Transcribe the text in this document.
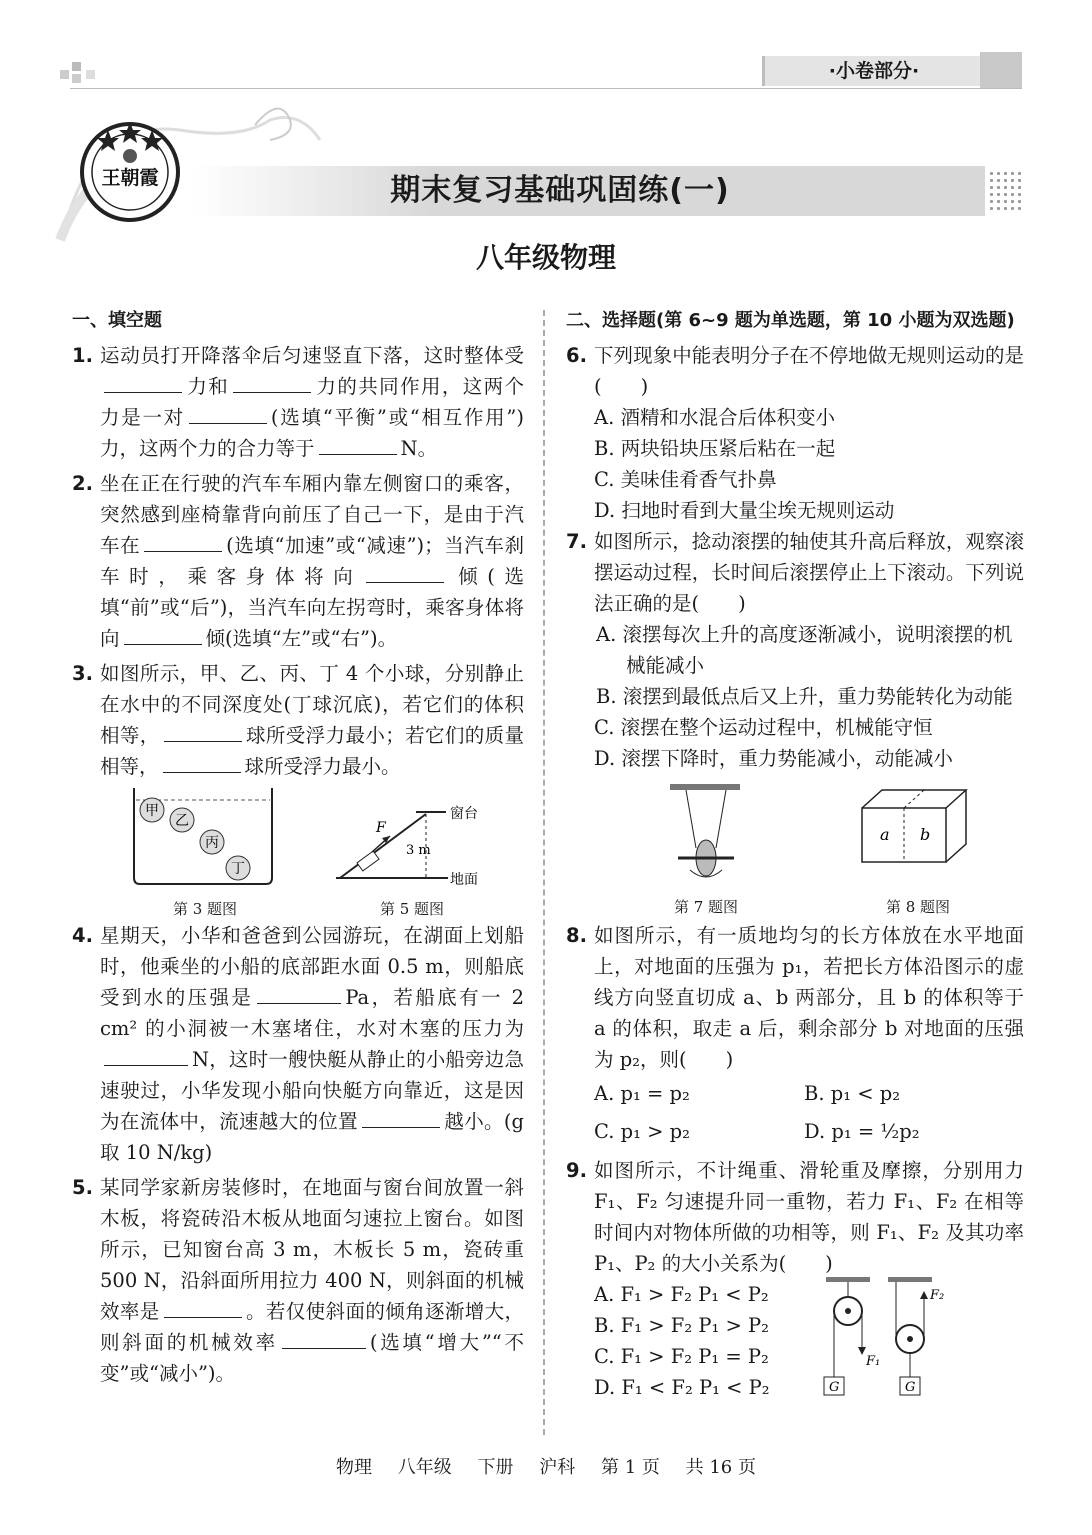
·小卷部分·
期末复习基础巩固练(一)
王朝霞
八年级物理
一、填空题
1. 运动员打开降落伞后匀速竖直下落，这时整体受力和	力的共同作用，这两个力是一对	(选填“平衡”或“相互作用”)力，这两个力的合力等于	N。
2. 坐在正在行驶的汽车车厢内靠左侧窗口的乘客，突然感到座椅靠背向前压了自己一下，是由于汽车在	(选填“加速”或“减速”)；当汽车刹车时，乘客身体将向	倾(选填“前”或“后”)，当汽车向左拐弯时，乘客身体将向	倾(选填“左”或“右”)。
3. 如图所示，甲、乙、丙、丁 4 个小球，分别静止在水中的不同深度处(丁球沉底)，若它们的体积相等，	球所受浮力最小；若它们的质量相等，	球所受浮力最小。
甲
乙
丙
丁
第 3 题图
F
3 m
窗台
地面
第 5 题图
4. 星期天，小华和爸爸到公园游玩，在湖面上划船时，他乘坐的小船的底部距水面 0.5 m，则船底受到水的压强是	Pa，若船底有一 2 cm² 的小洞被一木塞堵住，水对木塞的压力为N，这时一艘快艇从静止的小船旁边急速驶过，小华发现小船向快艇方向靠近，这是因为在流体中，流速越大的位置	越小。(g 取 10 N/kg)
5. 某同学家新房装修时，在地面与窗台间放置一斜木板，将瓷砖沿木板从地面匀速拉上窗台。如图所示，已知窗台高 3 m，木板长 5 m，瓷砖重 500 N，沿斜面所用拉力 400 N，则斜面的机械效率是	。若仅使斜面的倾角逐渐增大，则斜面的机械效率	(选填“增大”“不变”或“减小”)。
二、选择题(第 6~9 题为单选题，第 10 小题为双选题)
6. 下列现象中能表明分子在不停地做无规则运动的是(　　)
A. 酒精和水混合后体积变小
B. 两块铅块压紧后粘在一起
C. 美味佳肴香气扑鼻
D. 扫地时看到大量尘埃无规则运动
7. 如图所示，捻动滚摆的轴使其升高后释放，观察滚摆运动过程，长时间后滚摆停止上下滚动。下列说法正确的是(　　)
A. 滚摆每次上升的高度逐渐减小，说明滚摆的机械能减小
B. 滚摆到最低点后又上升，重力势能转化为动能
C. 滚摆在整个运动过程中，机械能守恒
D. 滚摆下降时，重力势能减小，动能减小
第 7 题图
a b
第 8 题图
8. 如图所示，有一质地均匀的长方体放在水平地面上，对地面的压强为 p₁，若把长方体沿图示的虚线方向竖直切成 a、b 两部分，且 b 的体积等于 a 的体积，取走 a 后，剩余部分 b 对地面的压强为 p₂，则(　　)
A. p₁ = p₂	B. p₁ < p₂
C. p₁ > p₂	D. p₁ = ½p₂
9. 如图所示，不计绳重、滑轮重及摩擦，分别用力 F₁、F₂ 匀速提升同一重物，若力 F₁、F₂ 在相等时间内对物体所做的功相等，则 F₁、F₂ 及其功率 P₁、P₂ 的大小关系为(　　)
A. F₁ > F₂ P₁ < P₂
B. F₁ > F₂ P₁ > P₂
C. F₁ > F₂ P₁ = P₂
D. F₁ < F₂ P₁ < P₂
F₁
G
F₂
G
物理 八年级 下册 沪科 第 1 页 共 16 页
